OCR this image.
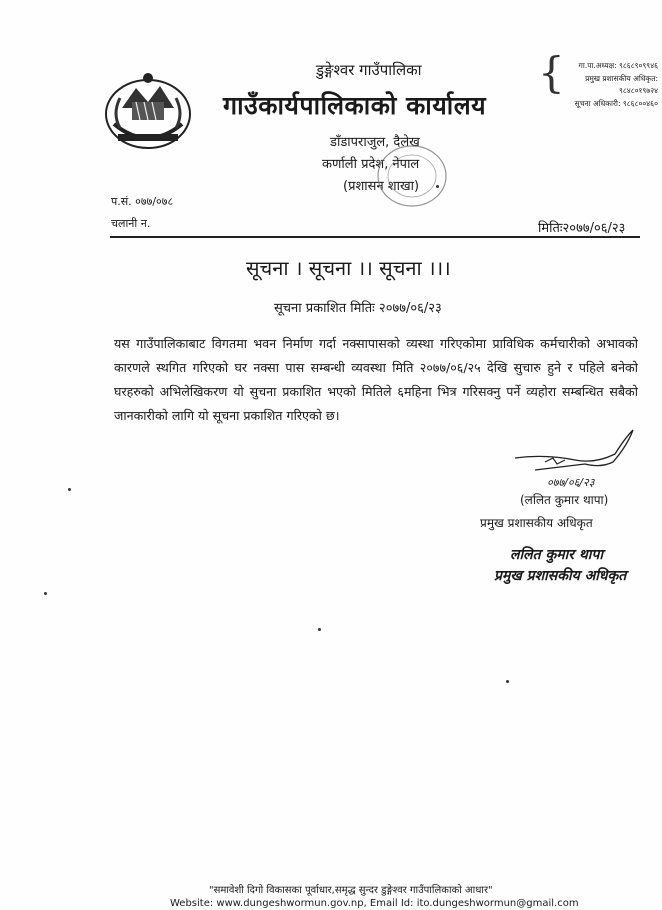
डुङ्गेश्वर गाउँपालिका
गाउँकार्यपालिकाको कार्यालय
डाँडापराजुल, दैलेख
कर्णाली प्रदेश, नेपाल
(प्रशासन शाखा)
{	गा.पा.अध्यक्ष: ९८६८९०९९४६
प्रमुख प्रशासकीय अधिकृत:
९८४८०१९७२४
सूचना अधिकारी: ९८६८००४६०
प.सं. ०७७/०७८
चलानी न.	मितिः२०७७/०६/२३
सूचना । सूचना ।। सूचना ।।।
सूचना प्रकाशित मितिः २०७७/०६/२३
यस गाउँपालिकाबाट विगतमा भवन निर्माण गर्दा नक्सापासको व्यस्था गरिएकोमा प्राविधिक कर्मचारीको अभावको कारणले स्थगित गरिएको घर नक्सा पास सम्बन्धी व्यवस्था मिति २०७७/०६/२५ देखि सुचारु हुने र पहिले बनेको घरहरुको अभिलेखिकरण यो सुचना प्रकाशित भएको मितिले ६महिना भित्र गरिसक्नु पर्ने व्यहोरा सम्बन्धित सबैको जानकारीको लागि यो सूचना प्रकाशित गरिएको छ।
०७७/०६/२३
(ललित कुमार थापा)
प्रमुख प्रशासकीय अधिकृत
ललित कुमार थापा
प्रमुख प्रशासकीय अधिकृत
"समावेशी दिगो विकासका पूर्वाधार,समृद्ध सुन्दर डुङ्गेश्वर गाउँपालिकाको आधार"
Website: www.dungeshwormun.gov.np, Email Id: ito.dungeshwormun@gmail.com
